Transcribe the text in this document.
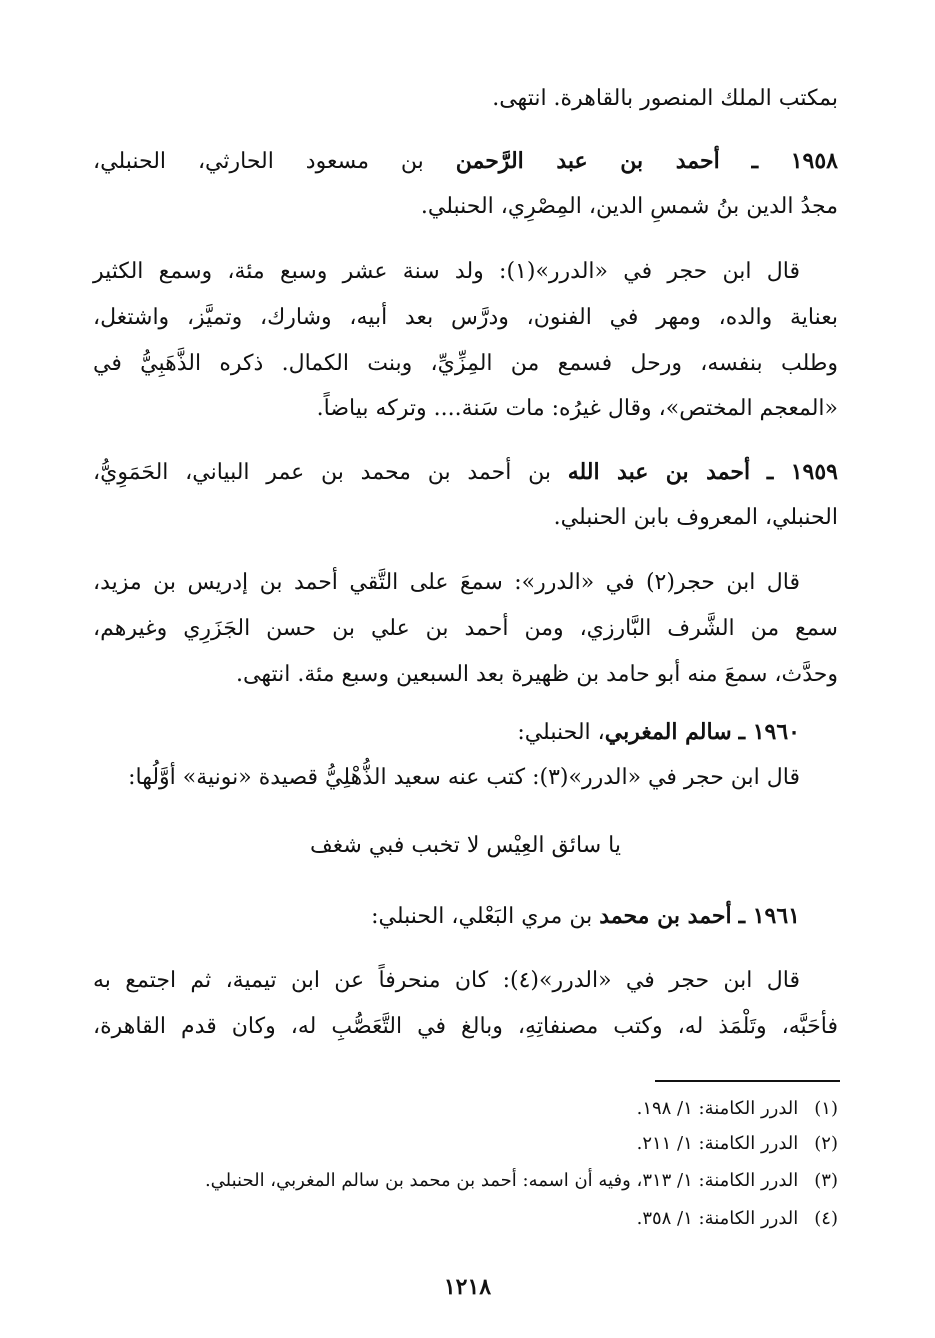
بمكتب الملك المنصور بالقاهرة. انتهى.
١٩٥٨ ـ أحمد بن عبد الرَّحمن بن مسعود الحارثي، الحنبلي،
مجدُ الدين بنُ شمسِ الدين، المِصْرِي، الحنبلي.
قال ابن حجر في «الدرر»(١): ولد سنة عشر وسبع مئة، وسمع الكثير
بعناية والده، ومهر في الفنون، ودرَّس بعد أبيه، وشارك، وتميَّز، واشتغل،
وطلب بنفسه، ورحل فسمع من المِزِّيِّ، وبنت الكمال. ذكره الذَّهَبِيُّ في
«المعجم المختص»، وقال غيرُه: مات سَنة.... وتركه بياضاً.
١٩٥٩ ـ أحمد بن عبد الله بن أحمد بن محمد بن عمر البياني، الحَمَوِيُّ،
الحنبلي، المعروف بابن الحنبلي.
قال ابن حجر(٢) في «الدرر»: سمعَ على التَّقي أحمد بن إدريس بن مزيد،
سمع من الشَّرف البَّارزي، ومن أحمد بن علي بن حسن الجَزَرِي وغيرهم،
وحدَّث، سمعَ منه أبو حامد بن ظهيرة بعد السبعين وسبع مئة. انتهى.
١٩٦٠ ـ سالم المغربي، الحنبلي:
قال ابن حجر في «الدرر»(٣): كتب عنه سعيد الذُّهْلِيُّ قصيدة «نونية» أوَّلُها:
يا سائق العِيْس لا تخبب فبي شغف
١٩٦١ ـ أحمد بن محمد بن مري البَعْلي، الحنبلي:
قال ابن حجر في «الدرر»(٤): كان منحرفاً عن ابن تيمية، ثم اجتمع به
فأحَبَّه، وتَلْمَذ له، وكتب مصنفاتِهِ، وبالغ في التَّعَصُّبِ له، وكان قدم القاهرة،
(١) الدرر الكامنة: ١/ ١٩٨.
(٢) الدرر الكامنة: ١/ ٢١١.
(٣) الدرر الكامنة: ١/ ٣١٣، وفيه أن اسمه: أحمد بن محمد بن سالم المغربي، الحنبلي.
(٤) الدرر الكامنة: ١/ ٣٥٨.
١٢١٨
